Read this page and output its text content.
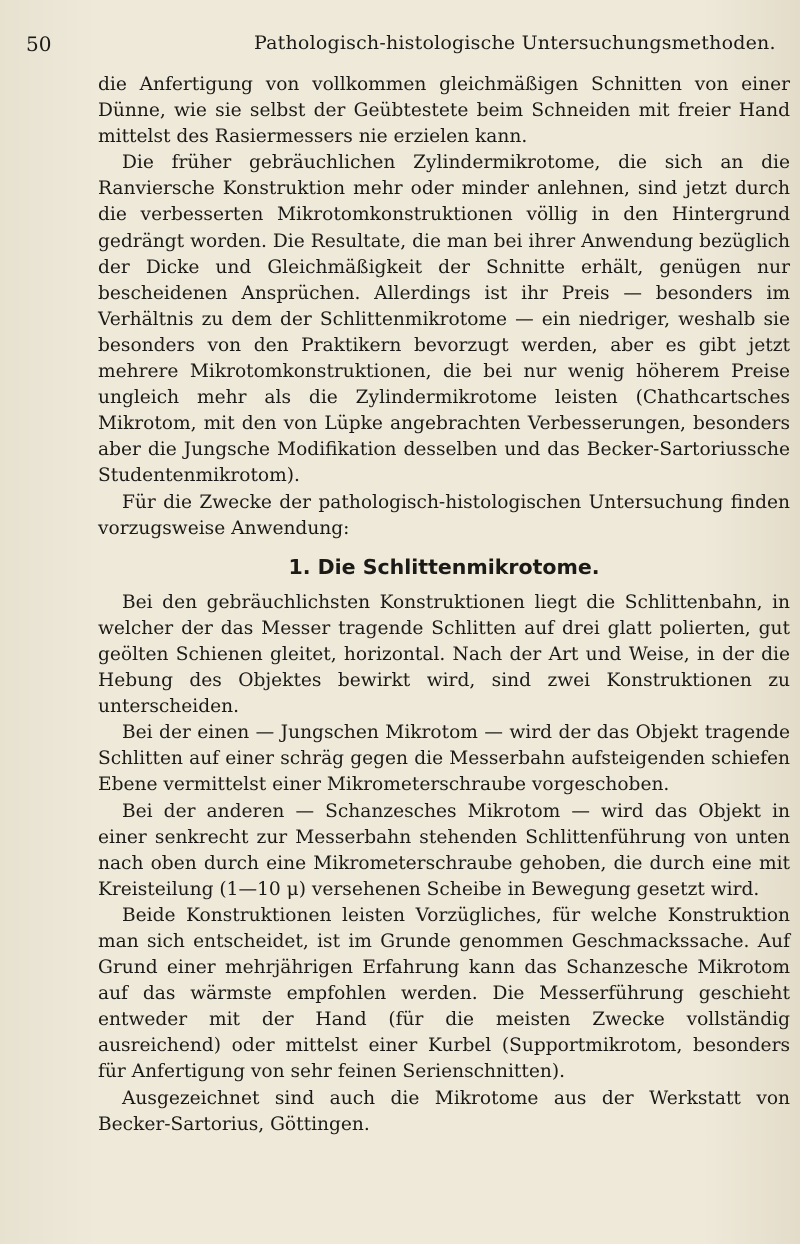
50	Pathologisch-histologische Untersuchungsmethoden.

die Anfertigung von vollkommen gleichmäßigen Schnitten von einer Dünne, wie sie selbst der Geübtestete beim Schneiden mit freier Hand mittelst des Rasiermessers nie erzielen kann.

Die früher gebräuchlichen Zylindermikrotome, die sich an die Ranviersche Konstruktion mehr oder minder anlehnen, sind jetzt durch die verbesserten Mikrotomkonstruktionen völlig in den Hintergrund gedrängt worden. Die Resultate, die man bei ihrer Anwendung bezüglich der Dicke und Gleichmäßigkeit der Schnitte erhält, genügen nur bescheidenen Ansprüchen. Allerdings ist ihr Preis — besonders im Verhältnis zu dem der Schlittenmikrotome — ein niedriger, weshalb sie besonders von den Praktikern bevorzugt werden, aber es gibt jetzt mehrere Mikrotomkonstruktionen, die bei nur wenig höherem Preise ungleich mehr als die Zylindermikrotome leisten (Chathcartsches Mikrotom, mit den von Lüpke angebrachten Verbesserungen, besonders aber die Jungsche Modifikation desselben und das Becker-Sartoriussche Studentenmikrotom).

Für die Zwecke der pathologisch-histologischen Untersuchung finden vorzugsweise Anwendung:

1. Die Schlittenmikrotome.

Bei den gebräuchlichsten Konstruktionen liegt die Schlittenbahn, in welcher der das Messer tragende Schlitten auf drei glatt polierten, gut geölten Schienen gleitet, horizontal. Nach der Art und Weise, in der die Hebung des Objektes bewirkt wird, sind zwei Konstruktionen zu unterscheiden.

Bei der einen — Jungschen Mikrotom — wird der das Objekt tragende Schlitten auf einer schräg gegen die Messerbahn aufsteigenden schiefen Ebene vermittelst einer Mikrometerschraube vorgeschoben.

Bei der anderen — Schanzesches Mikrotom — wird das Objekt in einer senkrecht zur Messerbahn stehenden Schlittenführung von unten nach oben durch eine Mikrometerschraube gehoben, die durch eine mit Kreisteilung (1—10 μ) versehenen Scheibe in Bewegung gesetzt wird.

Beide Konstruktionen leisten Vorzügliches, für welche Konstruktion man sich entscheidet, ist im Grunde genommen Geschmackssache. Auf Grund einer mehrjährigen Erfahrung kann das Schanzesche Mikrotom auf das wärmste empfohlen werden. Die Messerführung geschieht entweder mit der Hand (für die meisten Zwecke vollständig ausreichend) oder mittelst einer Kurbel (Supportmikrotom, besonders für Anfertigung von sehr feinen Serienschnitten).

Ausgezeichnet sind auch die Mikrotome aus der Werkstatt von Becker-Sartorius, Göttingen.
